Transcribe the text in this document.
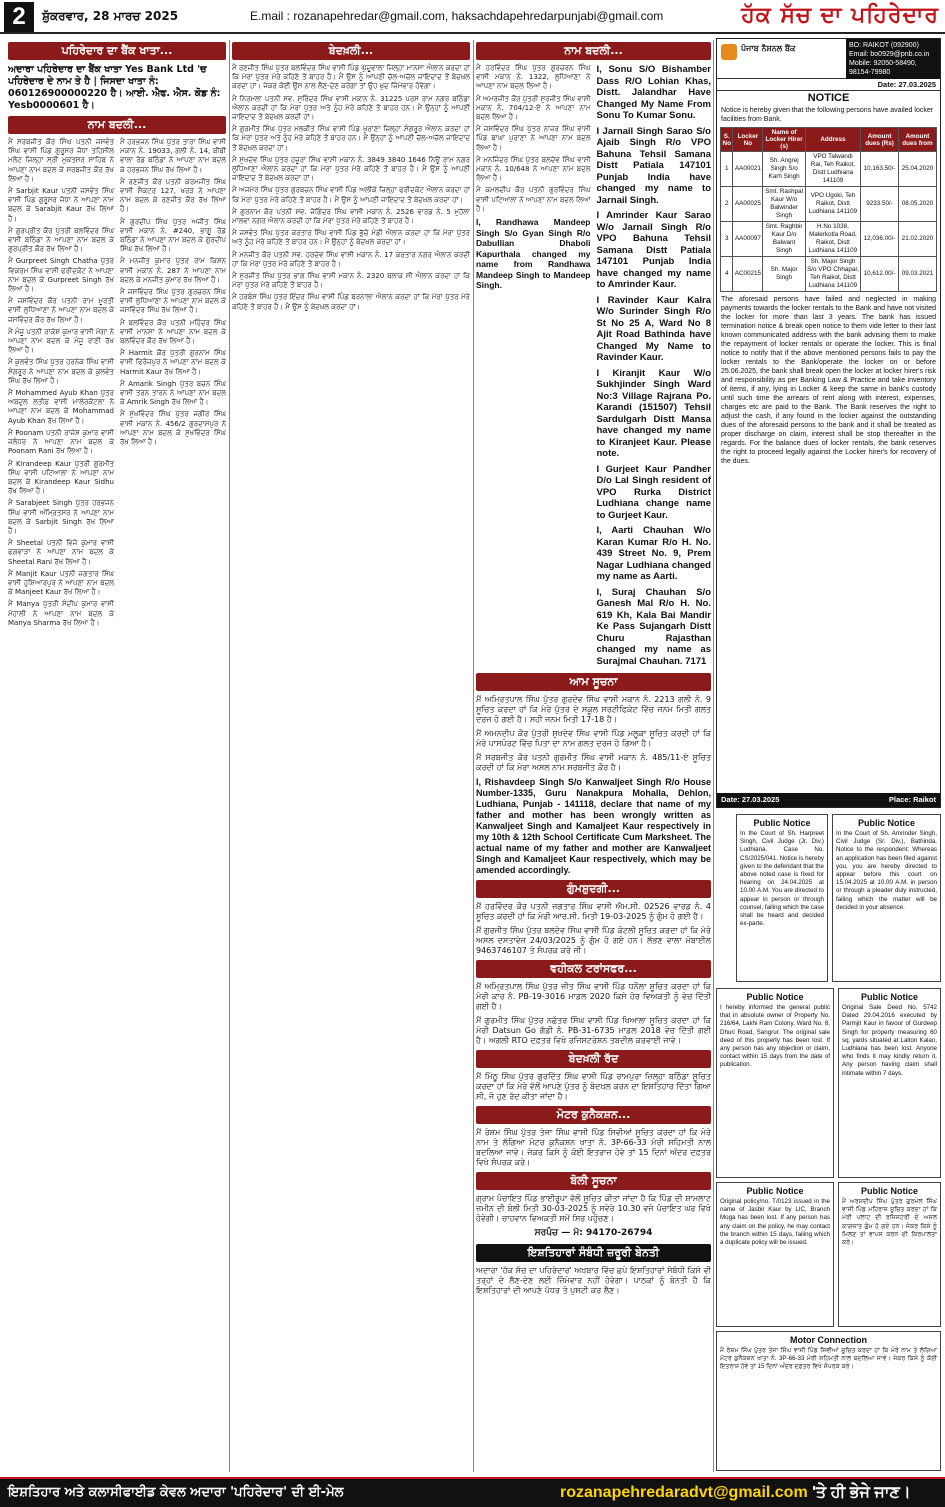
2	ਸ਼ੁੱਕਰਵਾਰ, 28 ਮਾਰਚ 2025	E.mail : rozanapehredar@gmail.com, haksachdapehredarpunjabi@gmail.com	ਹੱਕ ਸੱਚ ਦਾ ਪਹਿਰੇਦਾਰ
ਪਹਿਰੇਦਾਰ ਦਾ ਬੈਂਕ ਖਾਤਾ...
ਅਦਾਰਾ ਪਹਿਰੇਦਾਰ ਦਾ ਬੈਂਕ ਖਾਤਾ Yes Bank Ltd 'ਚ ਪਹਿਰੇਦਾਰ ਦੇ ਨਾਮ ਤੇ ਹੈ | ਜਿਸਦਾ ਖਾਤਾ ਨੰ: 060126900000220 ਹੈ। ਆਈ. ਐਫ. ਐਸ. ਕੋਡ ਨੰ: Yesb0000601 ਹੈ।
ਨਾਮ ਬਦਲੀ...

ਮੈਂ ਸਰਬਜੀਤ ਕੌਰ ਸਿੰਘ ਪਤਨੀ ਜਸਵੰਤ ਸਿੰਘ ਵਾਸੀ ਪਿੰਡ ਗੁਰੂਸਰ ਜੋਧਾ ਤਹਿਸੀਲ ਮਲੋਟ ਜ਼ਿਲ੍ਹਾ ਸ੍ਰੀ ਮੁਕਤਸਰ ਸਾਹਿਬ ਨੇ ਆਪਣਾ ਨਾਮ ਬਦਲ ਕੇ ਸਰਬਜੀਤ ਕੌਰ ਰੱਖ ਲਿਆ ਹੈ।

ਮੈਂ Sarbjit Kaur ਪਤਨੀ ਜਸਵੰਤ ਸਿੰਘ ਵਾਸੀ ਪਿੰਡ ਗੁਰੂਸਰ ਜੋਧਾ ਨੇ ਆਪਣਾ ਨਾਮ ਬਦਲ ਕੇ Sarabjit Kaur ਰੱਖ ਲਿਆ ਹੈ।

ਮੈਂ ਗੁਰਪ੍ਰੀਤ ਕੌਰ ਪੁੱਤਰੀ ਬਲਵਿੰਦਰ ਸਿੰਘ ਵਾਸੀ ਬਠਿੰਡਾ ਨੇ ਆਪਣਾ ਨਾਮ ਬਦਲ ਕੇ ਗੁਰਪ੍ਰੀਤ ਕੌਰ ਰੱਖ ਲਿਆ ਹੈ।

ਮੈਂ Gurpreet Singh Chatha ਪੁੱਤਰ ਵਿਕਰਮ ਸਿੰਘ ਵਾਸੀ ਫਰੀਦਕੋਟ ਨੇ ਆਪਣਾ ਨਾਮ ਬਦਲ ਕੇ Gurpreet Singh ਰੱਖ ਲਿਆ ਹੈ।

ਮੈਂ ਜਸਵਿੰਦਰ ਕੌਰ ਪਤਨੀ ਰਾਮ ਮੂਰਤੀ ਵਾਸੀ ਲੁਧਿਆਣਾ ਨੇ ਆਪਣਾ ਨਾਮ ਬਦਲ ਕੇ ਜਸਵਿੰਦਰ ਕੌਰ ਰੱਖ ਲਿਆ ਹੈ।

ਮੈਂ ਮੰਜੂ ਪਤਨੀ ਰਾਕੇਸ਼ ਕੁਮਾਰ ਵਾਸੀ ਮੋਗਾ ਨੇ ਆਪਣਾ ਨਾਮ ਬਦਲ ਕੇ ਮੰਜੂ ਰਾਣੀ ਰੱਖ ਲਿਆ ਹੈ।

ਮੈਂ ਕੁਲਵੰਤ ਸਿੰਘ ਪੁੱਤਰ ਹਰਨੇਕ ਸਿੰਘ ਵਾਸੀ ਸੰਗਰੂਰ ਨੇ ਆਪਣਾ ਨਾਮ ਬਦਲ ਕੇ ਕੁਲਵੰਤ ਸਿੰਘ ਰੱਖ ਲਿਆ ਹੈ।

ਮੈਂ Mohammed Ayub Khan ਪੁੱਤਰ ਅਬਦੁਲ ਲਤੀਫ਼ ਵਾਸੀ ਮਾਲੇਰਕੋਟਲਾ ਨੇ ਆਪਣਾ ਨਾਮ ਬਦਲ ਕੇ Mohammad Ayub Khan ਰੱਖ ਲਿਆ ਹੈ।

ਮੈਂ Poonam ਪਤਨੀ ਰਾਜੇਸ਼ ਕੁਮਾਰ ਵਾਸੀ ਜਲੰਧਰ ਨੇ ਆਪਣਾ ਨਾਮ ਬਦਲ ਕੇ Poonam Rani ਰੱਖ ਲਿਆ ਹੈ।

ਮੈਂ Kirandeep Kaur ਪੁੱਤਰੀ ਗੁਰਮੀਤ ਸਿੰਘ ਵਾਸੀ ਪਟਿਆਲਾ ਨੇ ਆਪਣਾ ਨਾਮ ਬਦਲ ਕੇ Kirandeep Kaur Sidhu ਰੱਖ ਲਿਆ ਹੈ।

ਮੈਂ Sarabjeet Singh ਪੁੱਤਰ ਹਰਭਜਨ ਸਿੰਘ ਵਾਸੀ ਅੰਮ੍ਰਿਤਸਰ ਨੇ ਆਪਣਾ ਨਾਮ ਬਦਲ ਕੇ Sarbjit Singh ਰੱਖ ਲਿਆ ਹੈ।

ਮੈਂ Sheetal ਪਤਨੀ ਵਿਜੇ ਕੁਮਾਰ ਵਾਸੀ ਫਗਵਾੜਾ ਨੇ ਆਪਣਾ ਨਾਮ ਬਦਲ ਕੇ Sheetal Rani ਰੱਖ ਲਿਆ ਹੈ।

ਮੈਂ Manjit Kaur ਪਤਨੀ ਜਗਤਾਰ ਸਿੰਘ ਵਾਸੀ ਹੁਸ਼ਿਆਰਪੁਰ ਨੇ ਆਪਣਾ ਨਾਮ ਬਦਲ ਕੇ Manjeet Kaur ਰੱਖ ਲਿਆ ਹੈ।

ਮੈਂ Manya ਪੁੱਤਰੀ ਸੰਦੀਪ ਕੁਮਾਰ ਵਾਸੀ ਮੋਹਾਲੀ ਨੇ ਆਪਣਾ ਨਾਮ ਬਦਲ ਕੇ Manya Sharma ਰੱਖ ਲਿਆ ਹੈ।

ਮੈਂ ਹਰਭਜਨ ਸਿੰਘ ਪੁੱਤਰ ਤਾਰਾ ਸਿੰਘ ਵਾਸੀ ਮਕਾਨ ਨੰ. 19033, ਗਲੀ ਨੰ. 14, ਬੀਬੀ ਵਾਲਾ ਰੋਡ ਬਠਿੰਡਾ ਨੇ ਆਪਣਾ ਨਾਮ ਬਦਲ ਕੇ ਹਰਭਜਨ ਸਿੰਘ ਰੱਖ ਲਿਆ ਹੈ।

ਮੈਂ ਰਣਜੀਤ ਕੌਰ ਪਤਨੀ ਕਰਮਜੀਤ ਸਿੰਘ ਵਾਸੀ ਸੈਕਟਰ 127, ਖਰੜ ਨੇ ਆਪਣਾ ਨਾਮ ਬਦਲ ਕੇ ਰਣਜੀਤ ਕੌਰ ਰੱਖ ਲਿਆ ਹੈ।

ਮੈਂ ਗੁਰਦੀਪ ਸਿੰਘ ਪੁੱਤਰ ਅਜੀਤ ਸਿੰਘ ਵਾਸੀ ਮਕਾਨ ਨੰ. #240, ਭਾਗੂ ਰੋਡ ਬਠਿੰਡਾ ਨੇ ਆਪਣਾ ਨਾਮ ਬਦਲ ਕੇ ਗੁਰਦੀਪ ਸਿੰਘ ਰੱਖ ਲਿਆ ਹੈ।

ਮੈਂ ਮਨਜੀਤ ਕੁਮਾਰ ਪੁੱਤਰ ਰਾਮ ਕਿਸ਼ਨ ਵਾਸੀ ਮਕਾਨ ਨੰ. 287 ਨੇ ਆਪਣਾ ਨਾਮ ਬਦਲ ਕੇ ਮਨਜੀਤ ਕੁਮਾਰ ਰੱਖ ਲਿਆ ਹੈ।

ਮੈਂ ਜਸਵਿੰਦਰ ਸਿੰਘ ਪੁੱਤਰ ਗੁਰਚਰਨ ਸਿੰਘ ਵਾਸੀ ਲੁਧਿਆਣਾ ਨੇ ਆਪਣਾ ਨਾਮ ਬਦਲ ਕੇ ਜਸਵਿੰਦਰ ਸਿੰਘ ਰੱਖ ਲਿਆ ਹੈ।

ਮੈਂ ਬਲਵਿੰਦਰ ਕੌਰ ਪਤਨੀ ਮਹਿੰਦਰ ਸਿੰਘ ਵਾਸੀ ਮਾਨਸਾ ਨੇ ਆਪਣਾ ਨਾਮ ਬਦਲ ਕੇ ਬਲਵਿੰਦਰ ਕੌਰ ਰੱਖ ਲਿਆ ਹੈ।

ਮੈਂ Harmit ਕੌਰ ਪੁੱਤਰੀ ਗੁਰਨਾਮ ਸਿੰਘ ਵਾਸੀ ਫਿਰੋਜ਼ਪੁਰ ਨੇ ਆਪਣਾ ਨਾਮ ਬਦਲ ਕੇ Harmit Kaur ਰੱਖ ਲਿਆ ਹੈ।

ਮੈਂ Amarik Singh ਪੁੱਤਰ ਬਚਨ ਸਿੰਘ ਵਾਸੀ ਤਰਨ ਤਾਰਨ ਨੇ ਆਪਣਾ ਨਾਮ ਬਦਲ ਕੇ Amrik Singh ਰੱਖ ਲਿਆ ਹੈ।

ਮੈਂ ਸੁਖਵਿੰਦਰ ਸਿੰਘ ਪੁੱਤਰ ਜਗੀਰ ਸਿੰਘ ਵਾਸੀ ਮਕਾਨ ਨੰ. 456/2 ਗੁਰਦਾਸਪੁਰ ਨੇ ਆਪਣਾ ਨਾਮ ਬਦਲ ਕੇ ਸੁਖਵਿੰਦਰ ਸਿੰਘ ਰੱਖ ਲਿਆ ਹੈ।

ਬੇਦਖ਼ਲੀ...

ਮੈਂ ਰਣਜੀਤ ਸਿੰਘ ਪੁੱਤਰ ਬਲਵਿੰਦਰ ਸਿੰਘ ਵਾਸੀ ਪਿੰਡ ਘੁੱਦੂਵਾਲਾ ਜ਼ਿਲ੍ਹਾ ਮਾਨਸਾ ਐਲਾਨ ਕਰਦਾ ਹਾਂ ਕਿ ਮੇਰਾ ਪੁੱਤਰ ਮੇਰੇ ਕਹਿਣੇ ਤੋਂ ਬਾਹਰ ਹੈ। ਮੈਂ ਉਸ ਨੂੰ ਆਪਣੀ ਚੱਲ-ਅਚੱਲ ਜਾਇਦਾਦ ਤੋਂ ਬੇਦਖ਼ਲ ਕਰਦਾ ਹਾਂ। ਜੇਕਰ ਕੋਈ ਉਸ ਨਾਲ ਲੈਣ-ਦੇਣ ਕਰੇਗਾ ਤਾਂ ਉਹ ਖ਼ੁਦ ਜ਼ਿੰਮੇਵਾਰ ਹੋਵੇਗਾ।

ਮੈਂ ਨਿਰਮਲਾ ਪਤਨੀ ਸਵ. ਸੁਰਿੰਦਰ ਸਿੰਘ ਵਾਸੀ ਮਕਾਨ ਨੰ. 31225 ਪਰਸ ਰਾਮ ਨਗਰ ਬਠਿੰਡਾ ਐਲਾਨ ਕਰਦੀ ਹਾਂ ਕਿ ਮੇਰਾ ਪੁੱਤਰ ਅਤੇ ਨੂੰਹ ਮੇਰੇ ਕਹਿਣੇ ਤੋਂ ਬਾਹਰ ਹਨ। ਮੈਂ ਉਨ੍ਹਾਂ ਨੂੰ ਆਪਣੀ ਜਾਇਦਾਦ ਤੋਂ ਬੇਦਖ਼ਲ ਕਰਦੀ ਹਾਂ।

ਮੈਂ ਗੁਰਮੀਤ ਸਿੰਘ ਪੁੱਤਰ ਮਲਕੀਤ ਸਿੰਘ ਵਾਸੀ ਪਿੰਡ ਖੁਰਾਣਾ ਜ਼ਿਲ੍ਹਾ ਸੰਗਰੂਰ ਐਲਾਨ ਕਰਦਾ ਹਾਂ ਕਿ ਮੇਰਾ ਪੁੱਤਰ ਅਤੇ ਨੂੰਹ ਮੇਰੇ ਕਹਿਣੇ ਤੋਂ ਬਾਹਰ ਹਨ। ਮੈਂ ਉਨ੍ਹਾਂ ਨੂੰ ਆਪਣੀ ਚੱਲ-ਅਚੱਲ ਜਾਇਦਾਦ ਤੋਂ ਬੇਦਖ਼ਲ ਕਰਦਾ ਹਾਂ।

ਮੈਂ ਸੁਖਦੇਵ ਸਿੰਘ ਪੁੱਤਰ ਹਜ਼ੂਰਾ ਸਿੰਘ ਵਾਸੀ ਮਕਾਨ ਨੰ. 3849 3840 1646 ਨਿਊ ਰਾਮ ਨਗਰ ਲੁਧਿਆਣਾ ਐਲਾਨ ਕਰਦਾ ਹਾਂ ਕਿ ਮੇਰਾ ਪੁੱਤਰ ਮੇਰੇ ਕਹਿਣੇ ਤੋਂ ਬਾਹਰ ਹੈ। ਮੈਂ ਉਸ ਨੂੰ ਆਪਣੀ ਜਾਇਦਾਦ ਤੋਂ ਬੇਦਖ਼ਲ ਕਰਦਾ ਹਾਂ।

ਮੈਂ ਅਜਮੇਰ ਸਿੰਘ ਪੁੱਤਰ ਗੁਰਬਚਨ ਸਿੰਘ ਵਾਸੀ ਪਿੰਡ ਅਲੀਕੇ ਜ਼ਿਲ੍ਹਾ ਫਰੀਦਕੋਟ ਐਲਾਨ ਕਰਦਾ ਹਾਂ ਕਿ ਮੇਰਾ ਪੁੱਤਰ ਮੇਰੇ ਕਹਿਣੇ ਤੋਂ ਬਾਹਰ ਹੈ। ਮੈਂ ਉਸ ਨੂੰ ਆਪਣੀ ਜਾਇਦਾਦ ਤੋਂ ਬੇਦਖ਼ਲ ਕਰਦਾ ਹਾਂ।

ਮੈਂ ਗੁਰਨਾਮ ਕੌਰ ਪਤਨੀ ਸਵ. ਜੋਗਿੰਦਰ ਸਿੰਘ ਵਾਸੀ ਮਕਾਨ ਨੰ. 2526 ਵਾਰਡ ਨੰ. 5 ਮੁਹੱਲਾ ਮਾਲਵਾ ਨਗਰ ਐਲਾਨ ਕਰਦੀ ਹਾਂ ਕਿ ਮੇਰਾ ਪੁੱਤਰ ਮੇਰੇ ਕਹਿਣੇ ਤੋਂ ਬਾਹਰ ਹੈ।

ਮੈਂ ਜਸਵੰਤ ਸਿੰਘ ਪੁੱਤਰ ਕਰਤਾਰ ਸਿੰਘ ਵਾਸੀ ਪਿੰਡ ਭੁੱਚੋ ਮੰਡੀ ਐਲਾਨ ਕਰਦਾ ਹਾਂ ਕਿ ਮੇਰਾ ਪੁੱਤਰ ਅਤੇ ਨੂੰਹ ਮੇਰੇ ਕਹਿਣੇ ਤੋਂ ਬਾਹਰ ਹਨ। ਮੈਂ ਉਨ੍ਹਾਂ ਨੂੰ ਬੇਦਖ਼ਲ ਕਰਦਾ ਹਾਂ।

ਮੈਂ ਮਨਜੀਤ ਕੌਰ ਪਤਨੀ ਸਵ. ਹਰਦੇਵ ਸਿੰਘ ਵਾਸੀ ਮਕਾਨ ਨੰ. 17 ਕਰਤਾਰ ਨਗਰ ਐਲਾਨ ਕਰਦੀ ਹਾਂ ਕਿ ਮੇਰਾ ਪੁੱਤਰ ਮੇਰੇ ਕਹਿਣੇ ਤੋਂ ਬਾਹਰ ਹੈ।

ਮੈਂ ਸੁਰਜੀਤ ਸਿੰਘ ਪੁੱਤਰ ਭਾਗ ਸਿੰਘ ਵਾਸੀ ਮਕਾਨ ਨੰ. 2320 ਬਲਾਕ ਸੀ ਐਲਾਨ ਕਰਦਾ ਹਾਂ ਕਿ ਮੇਰਾ ਪੁੱਤਰ ਮੇਰੇ ਕਹਿਣੇ ਤੋਂ ਬਾਹਰ ਹੈ।

ਮੈਂ ਹਰਬੰਸ ਸਿੰਘ ਪੁੱਤਰ ਇੰਦਰ ਸਿੰਘ ਵਾਸੀ ਪਿੰਡ ਬਰਨਾਲਾ ਐਲਾਨ ਕਰਦਾ ਹਾਂ ਕਿ ਮੇਰਾ ਪੁੱਤਰ ਮੇਰੇ ਕਹਿਣੇ ਤੋਂ ਬਾਹਰ ਹੈ। ਮੈਂ ਉਸ ਨੂੰ ਬੇਦਖ਼ਲ ਕਰਦਾ ਹਾਂ।

ਨਾਮ ਬਦਲੀ...

ਮੈਂ ਹਰਵਿੰਦਰ ਸਿੰਘ ਪੁੱਤਰ ਗੁਰਚਰਨ ਸਿੰਘ ਵਾਸੀ ਮਕਾਨ ਨੰ. 1322, ਲੁਧਿਆਣਾ ਨੇ ਆਪਣਾ ਨਾਮ ਬਦਲ ਲਿਆ ਹੈ।

ਮੈਂ ਅਮਰਜੀਤ ਕੌਰ ਪੁੱਤਰੀ ਸੁਰਜੀਤ ਸਿੰਘ ਵਾਸੀ ਮਕਾਨ ਨੰ. 704/12-ਏ ਨੇ ਆਪਣਾ ਨਾਮ ਬਦਲ ਲਿਆ ਹੈ।

ਮੈਂ ਜਸਵਿੰਦਰ ਸਿੰਘ ਪੁੱਤਰ ਨਾਜ਼ਰ ਸਿੰਘ ਵਾਸੀ ਪਿੰਡ ਬਾਘਾ ਪੁਰਾਣਾ ਨੇ ਆਪਣਾ ਨਾਮ ਬਦਲ ਲਿਆ ਹੈ।

ਮੈਂ ਮਨਜਿੰਦਰ ਸਿੰਘ ਪੁੱਤਰ ਬਲਦੇਵ ਸਿੰਘ ਵਾਸੀ ਮਕਾਨ ਨੰ. 10/648 ਨੇ ਆਪਣਾ ਨਾਮ ਬਦਲ ਲਿਆ ਹੈ।

ਮੈਂ ਕਮਲਦੀਪ ਕੌਰ ਪਤਨੀ ਗੁਰਵਿੰਦਰ ਸਿੰਘ ਵਾਸੀ ਪਟਿਆਲਾ ਨੇ ਆਪਣਾ ਨਾਮ ਬਦਲ ਲਿਆ ਹੈ।

I, Randhawa Mandeep Singh S/o Gyan Singh R/o Dabullian Dhaboli Kapurthala changed my name from Randhawa Mandeep Singh to Mandeep Singh.

I, Sonu S/O Bishamber Dass R/O Lohian Khas, Distt. Jalandhar Have Changed My Name From Sonu To Kumar Sonu.

I Jarnail Singh Sarao S/o Ajaib Singh R/o VPO Bahuna Tehsil Samana Distt Patiala 147101 Punjab India have changed my name to Jarnail Singh.

I Amrinder Kaur Sarao W/o Jarnail Singh R/o VPO Bahuna Tehsil Samana Distt Patiala 147101 Punjab India have changed my name to Amrinder Kaur.

I Ravinder Kaur Kalra W/o Surinder Singh R/o St No 25 A, Ward No 8 Ajit Road Bathinda have Changed My Name to Ravinder Kaur.

I Kiranjit Kaur W/o Sukhjinder Singh Ward No:3 Village Rajrana Po. Karandi (151507) Tehsil Sardulgarh Distt Mansa have changed my name to Kiranjeet Kaur. Please note.

I Gurjeet Kaur Pandher D/o Lal Singh resident of VPO Rurka District Ludhiana change name to Gurjeet Kaur.

I, Aarti Chauhan W/o Karan Kumar R/o H. No. 439 Street No. 9, Prem Nagar Ludhiana changed my name as Aarti.

I, Suraj Chauhan S/o Ganesh Mal R/o H. No. 619 Kh, Kala Bai Mandir Ke Pass Sujangarh Distt Churu Rajasthan changed my name as Surajmal Chauhan. 7171

ਆਮ ਸੂਚਨਾ

ਮੈਂ ਅਮ੍ਰਿਤਪਾਲ ਸਿੰਘ ਪੁੱਤਰ ਗੁਰਦੇਵ ਸਿੰਘ ਵਾਸੀ ਮਕਾਨ ਨੰ. 2213 ਗਲੀ ਨੰ. 9 ਸੂਚਿਤ ਕਰਦਾ ਹਾਂ ਕਿ ਮੇਰੇ ਪੁੱਤਰ ਦੇ ਸਕੂਲ ਸਰਟੀਫਿਕੇਟ ਵਿੱਚ ਜਨਮ ਮਿਤੀ ਗਲਤ ਦਰਜ ਹੋ ਗਈ ਹੈ। ਸਹੀ ਜਨਮ ਮਿਤੀ 17-18 ਹੈ।

ਮੈਂ ਅਮਨਦੀਪ ਕੌਰ ਪੁੱਤਰੀ ਸੁਖਦੇਵ ਸਿੰਘ ਵਾਸੀ ਪਿੰਡ ਮਲੂਕਾ ਸੂਚਿਤ ਕਰਦੀ ਹਾਂ ਕਿ ਮੇਰੇ ਪਾਸਪੋਰਟ ਵਿੱਚ ਪਿਤਾ ਦਾ ਨਾਮ ਗਲਤ ਦਰਜ ਹੋ ਗਿਆ ਹੈ।

ਮੈਂ ਸਰਬਜੀਤ ਕੌਰ ਪਤਨੀ ਗੁਰਮੀਤ ਸਿੰਘ ਵਾਸੀ ਮਕਾਨ ਨੰ. 485/11-ਏ ਸੂਚਿਤ ਕਰਦੀ ਹਾਂ ਕਿ ਮੇਰਾ ਅਸਲ ਨਾਮ ਸਰਬਜੀਤ ਕੌਰ ਹੈ।

I, Rishavdeep Singh S/o Kanwaljeet Singh R/o House Number-1335, Guru Nanakpura Mohalla, Dehlon, Ludhiana, Punjab - 141118, declare that name of my father and mother has been wrongly written as Kanwaljeet Singh and Kamaljeet Kaur respectively in my 10th & 12th School Certificate Cum Marksheet. The actual name of my father and mother are Kanwaljeet Singh and Kamaljeet Kaur respectively, which may be amended accordingly.

ਗੁੰਮਸ਼ੁਦਗੀ...

ਮੈਂ ਹਰਵਿੰਦਰ ਕੌਰ ਪਤਨੀ ਜਗਤਾਰ ਸਿੰਘ ਵਾਸੀ ਐਮ.ਸੀ. 02526 ਵਾਰਡ ਨੰ. 4 ਸੂਚਿਤ ਕਰਦੀ ਹਾਂ ਕਿ ਮੇਰੀ ਆਰ.ਸੀ. ਮਿਤੀ 19-03-2025 ਨੂੰ ਗੁੰਮ ਹੋ ਗਈ ਹੈ।

ਮੈਂ ਗੁਰਜੀਤ ਸਿੰਘ ਪੁੱਤਰ ਬਲਦੇਵ ਸਿੰਘ ਵਾਸੀ ਪਿੰਡ ਕੋਟਲੀ ਸੂਚਿਤ ਕਰਦਾ ਹਾਂ ਕਿ ਮੇਰੇ ਅਸਲ ਦਸਤਾਵੇਜ਼ 24/03/2025 ਨੂੰ ਗੁੰਮ ਹੋ ਗਏ ਹਨ। ਲੱਭਣ ਵਾਲਾ ਮੋਬਾਈਲ 9463746107 ਤੇ ਸੰਪਰਕ ਕਰੇ ਜੀ।

ਵਹੀਕਲ ਟਰਾਂਸਫਰ...

ਮੈਂ ਅਮ੍ਰਿਤਪਾਲ ਸਿੰਘ ਪੁੱਤਰ ਜੀਤ ਸਿੰਘ ਵਾਸੀ ਪਿੰਡ ਧਨੌਲਾ ਸੂਚਿਤ ਕਰਦਾ ਹਾਂ ਕਿ ਮੇਰੀ ਕਾਰ ਨੰ. PB-19-3016 ਮਾਡਲ 2020 ਕਿਸੇ ਹੋਰ ਵਿਅਕਤੀ ਨੂੰ ਵੇਚ ਦਿੱਤੀ ਗਈ ਹੈ।

ਮੈਂ ਗੁਰਮੀਤ ਸਿੰਘ ਪੁੱਤਰ ਨਛੱਤਰ ਸਿੰਘ ਵਾਸੀ ਪਿੰਡ ਖਿਆਲਾ ਸੂਚਿਤ ਕਰਦਾ ਹਾਂ ਕਿ ਮੇਰੀ Datsun Go ਗੱਡੀ ਨੰ. PB-31-6735 ਮਾਡਲ 2018 ਵੇਚ ਦਿੱਤੀ ਗਈ ਹੈ। ਅਗਲੀ RTO ਦਫ਼ਤਰ ਵਿਖੇ ਰਜਿਸਟਰੇਸ਼ਨ ਤਬਦੀਲ ਕਰਵਾਈ ਜਾਵੇ।

ਬੇਦਖ਼ਲੀ ਰੱਦ

ਮੈਂ ਮਿੱਠੂ ਸਿੰਘ ਪੁੱਤਰ ਗੁਰਦਿੱਤ ਸਿੰਘ ਵਾਸੀ ਪਿੰਡ ਰਾਮਪੁਰਾ ਜ਼ਿਲ੍ਹਾ ਬਠਿੰਡਾ ਸੂਚਿਤ ਕਰਦਾ ਹਾਂ ਕਿ ਮੇਰੇ ਵੱਲੋਂ ਆਪਣੇ ਪੁੱਤਰ ਨੂੰ ਬੇਦਖ਼ਲ ਕਰਨ ਦਾ ਇਸ਼ਤਿਹਾਰ ਦਿੱਤਾ ਗਿਆ ਸੀ, ਜੋ ਹੁਣ ਰੱਦ ਕੀਤਾ ਜਾਂਦਾ ਹੈ।

ਮੋਟਰ ਕੁਨੈਕਸ਼ਨ...

ਮੈਂ ਰੇਸ਼ਮ ਸਿੰਘ ਪੁੱਤਰ ਤੇਜਾ ਸਿੰਘ ਵਾਸੀ ਪਿੰਡ ਸਿਵੀਆਂ ਸੂਚਿਤ ਕਰਦਾ ਹਾਂ ਕਿ ਮੇਰੇ ਨਾਮ ਤੇ ਲੱਗਿਆ ਮੋਟਰ ਕੁਨੈਕਸ਼ਨ ਖਾਤਾ ਨੰ. 3P-66-33 ਮੇਰੀ ਸਹਿਮਤੀ ਨਾਲ ਬਦਲਿਆ ਜਾਵੇ। ਜੇਕਰ ਕਿਸੇ ਨੂੰ ਕੋਈ ਇਤਰਾਜ਼ ਹੋਵੇ ਤਾਂ 15 ਦਿਨਾਂ ਅੰਦਰ ਦਫ਼ਤਰ ਵਿਖੇ ਸੰਪਰਕ ਕਰੇ।

ਬੋਲੀ ਸੂਚਨਾ

ਗ੍ਰਾਮ ਪੰਚਾਇਤ ਪਿੰਡ ਭਾਈਰੂਪਾ ਵੱਲੋਂ ਸੂਚਿਤ ਕੀਤਾ ਜਾਂਦਾ ਹੈ ਕਿ ਪਿੰਡ ਦੀ ਸ਼ਾਮਲਾਟ ਜ਼ਮੀਨ ਦੀ ਬੋਲੀ ਮਿਤੀ 30-03-2025 ਨੂੰ ਸਵੇਰੇ 10.30 ਵਜੇ ਪੰਚਾਇਤ ਘਰ ਵਿਖੇ ਹੋਵੇਗੀ। ਚਾਹਵਾਨ ਵਿਅਕਤੀ ਸਮੇਂ ਸਿਰ ਪਹੁੰਚਣ।

ਸਰਪੰਚ — ਮੋ: 94170-26794

ਇਸ਼ਤਿਹਾਰਾਂ ਸੰਬੰਧੀ ਜ਼ਰੂਰੀ ਬੇਨਤੀ

ਅਦਾਰਾ 'ਹੱਕ ਸੱਚ ਦਾ ਪਹਿਰੇਦਾਰ' ਅਖ਼ਬਾਰ ਵਿੱਚ ਛਪੇ ਇਸ਼ਤਿਹਾਰਾਂ ਸੰਬੰਧੀ ਕਿਸੇ ਵੀ ਤਰ੍ਹਾਂ ਦੇ ਲੈਣ-ਦੇਣ ਲਈ ਜ਼ਿੰਮੇਵਾਰ ਨਹੀਂ ਹੋਵੇਗਾ। ਪਾਠਕਾਂ ਨੂੰ ਬੇਨਤੀ ਹੈ ਕਿ ਇਸ਼ਤਿਹਾਰਾਂ ਦੀ ਆਪਣੇ ਪੱਧਰ ਤੇ ਪੁਸ਼ਟੀ ਕਰ ਲੈਣ।

ਪੰਜਾਬ ਨੈਸ਼ਨਲ ਬੈਂਕ	BO: RAIKOT (092900)
Email: bo0929@pnb.co.in
Mobile: 92050-58490,
98154-79980
Date: 27.03.2025
NOTICE
Notice is hereby given that the following persons have availed locker facilities from Bank.
S. No	Locker No	Name of Locker Hirer (s)	Address	Amount dues (Rs)	Amount dues from
1	AA00021	Sh. Angrej Singh S/o Karh Singh	VPO Talwandi Rai, Teh Raikot, Distt Ludhiana 141109	10,163.50/-	25.04.2020
2	AA00025	Smt. Rashpal Kaur W/o Balwinder Singh	VPO Ugoki, Teh Raikot, Distt Ludhiana 141109	9233.50/-	08.05.2020
3	AA00097	Smt. Raghbir Kaur D/o Balwant Singh	H.No 1038, Malerkotla Road, Raikot, Distt Ludhiana 141109	12,036.00/-	21.02.2020
4	AC00215	Sh. Major Singh	Sh. Major Singh S/o VPO Chhapar, Teh Raikot, Distt Ludhiana 141109	10,612.00/-	09.03.2021
The aforesaid persons have failed and neglected in making payments towards the locker rentals to the Bank and have not visited the locker for more than last 3 years. The bank has issued termination notice & break open notice to them vide letter to their last known communicated address with the bank advising them to make the repayment of locker rentals or operate the locker. This is final notice to notify that if the above mentioned persons fails to pay the locker rentals to the Bank/operate the locker on or before 25.06.2025, the bank shall break open the locker at locker hirer's risk and responsibility as per Banking Law & Practice and take inventory of items, if any, lying in Locker & keep the same in bank's custody until such time the arrears of rent along with interest, expenses, charges etc are paid to the Bank. The Bank reserves the right to adjust the cash, if any found in the locker against the outstanding dues of the aforesaid persons to the bank and it shall be treated as proper discharge on claim, interest shall be stop thereafter in the regards. For the balance dues of locker rentals, the bank reserves the right to proceed legally against the Locker hirer's for recovery of the dues.
Date: 27.03.2025	Place: Raikot
Public Notice
In the Court of Sh. Harpreet Singh, Civil Judge (Jr. Div.) Ludhiana. Case No. CS/2025/041. Notice is hereby given to the defendant that the above noted case is fixed for hearing on 24.04.2025 at 10.00 A.M. You are directed to appear in person or through counsel, failing which the case shall be heard and decided ex-parte.
Public Notice
In the Court of Sh. Amrinder Singh, Civil Judge (Sr. Div.), Bathinda. Notice to the respondent: Whereas an application has been filed against you, you are hereby directed to appear before this court on 15.04.2025 at 10.00 A.M. in person or through a pleader duly instructed, failing which the matter will be decided in your absence.
Public Notice
I hereby informed the general public that in absolute owner of Property No. 216/64, Lakhi Ram Colony, Ward No. 8, Dhuri Road, Sangrur. The original sale deed of this property has been lost. If any person has any objection or claim, contact within 15 days from the date of publication.
Public Notice
Original Sale Deed No. 5742 Dated 29.04.2016 executed by Parmjit Kaur in favour of Gurdeep Singh for property measuring 60 sq. yards situated at Lalton Kalan, Ludhiana has been lost. Anyone who finds it may kindly return it. Any person having claim shall intimate within 7 days.
Public Notice
Original policy/no. T/0123 issued in the name of Jasbir Kaur by LIC, Branch Moga has been lost. If any person has any claim on the policy, he may contact the branch within 15 days, failing which a duplicate policy will be issued.
Public Notice
ਮੈਂ ਅਰਸ਼ਦੀਪ ਸਿੰਘ ਪੁੱਤਰ ਗੁਰਮੇਲ ਸਿੰਘ ਵਾਸੀ ਪਿੰਡ ਮਹਿਰਾਜ ਸੂਚਿਤ ਕਰਦਾ ਹਾਂ ਕਿ ਮੇਰੀ ਪਲਾਟ ਦੀ ਰਜਿਸਟਰੀ ਦੇ ਅਸਲ ਕਾਗਜ਼ਾਤ ਗੁੰਮ ਹੋ ਗਏ ਹਨ। ਜੇਕਰ ਕਿਸੇ ਨੂੰ ਮਿਲਣ ਤਾਂ ਵਾਪਸ ਕਰਨ ਦੀ ਕਿਰਪਾਲਤਾ ਕਰੇ।
Motor Connection
ਮੈਂ ਰੇਸ਼ਮ ਸਿੰਘ ਪੁੱਤਰ ਤੇਜਾ ਸਿੰਘ ਵਾਸੀ ਪਿੰਡ ਸਿਵੀਆਂ ਸੂਚਿਤ ਕਰਦਾ ਹਾਂ ਕਿ ਮੇਰੇ ਨਾਮ ਤੇ ਲੱਗਿਆ ਮੋਟਰ ਕੁਨੈਕਸ਼ਨ ਖਾਤਾ ਨੰ. 3P-66-33 ਮੇਰੀ ਸਹਿਮਤੀ ਨਾਲ ਬਦਲਿਆ ਜਾਵੇ। ਜੇਕਰ ਕਿਸੇ ਨੂੰ ਕੋਈ ਇਤਰਾਜ਼ ਹੋਵੇ ਤਾਂ 15 ਦਿਨਾਂ ਅੰਦਰ ਦਫ਼ਤਰ ਵਿਖੇ ਸੰਪਰਕ ਕਰੇ।
ਇਸ਼ਤਿਹਾਰ ਅਤੇ ਕਲਾਸੀਫਾਈਡ ਕੇਵਲ ਅਦਾਰਾ 'ਪਹਿਰੇਦਾਰ' ਦੀ ਈ-ਮੇਲ	rozanapehredaradvt@gmail.com 'ਤੇ ਹੀ ਭੇਜੇ ਜਾਣ।
